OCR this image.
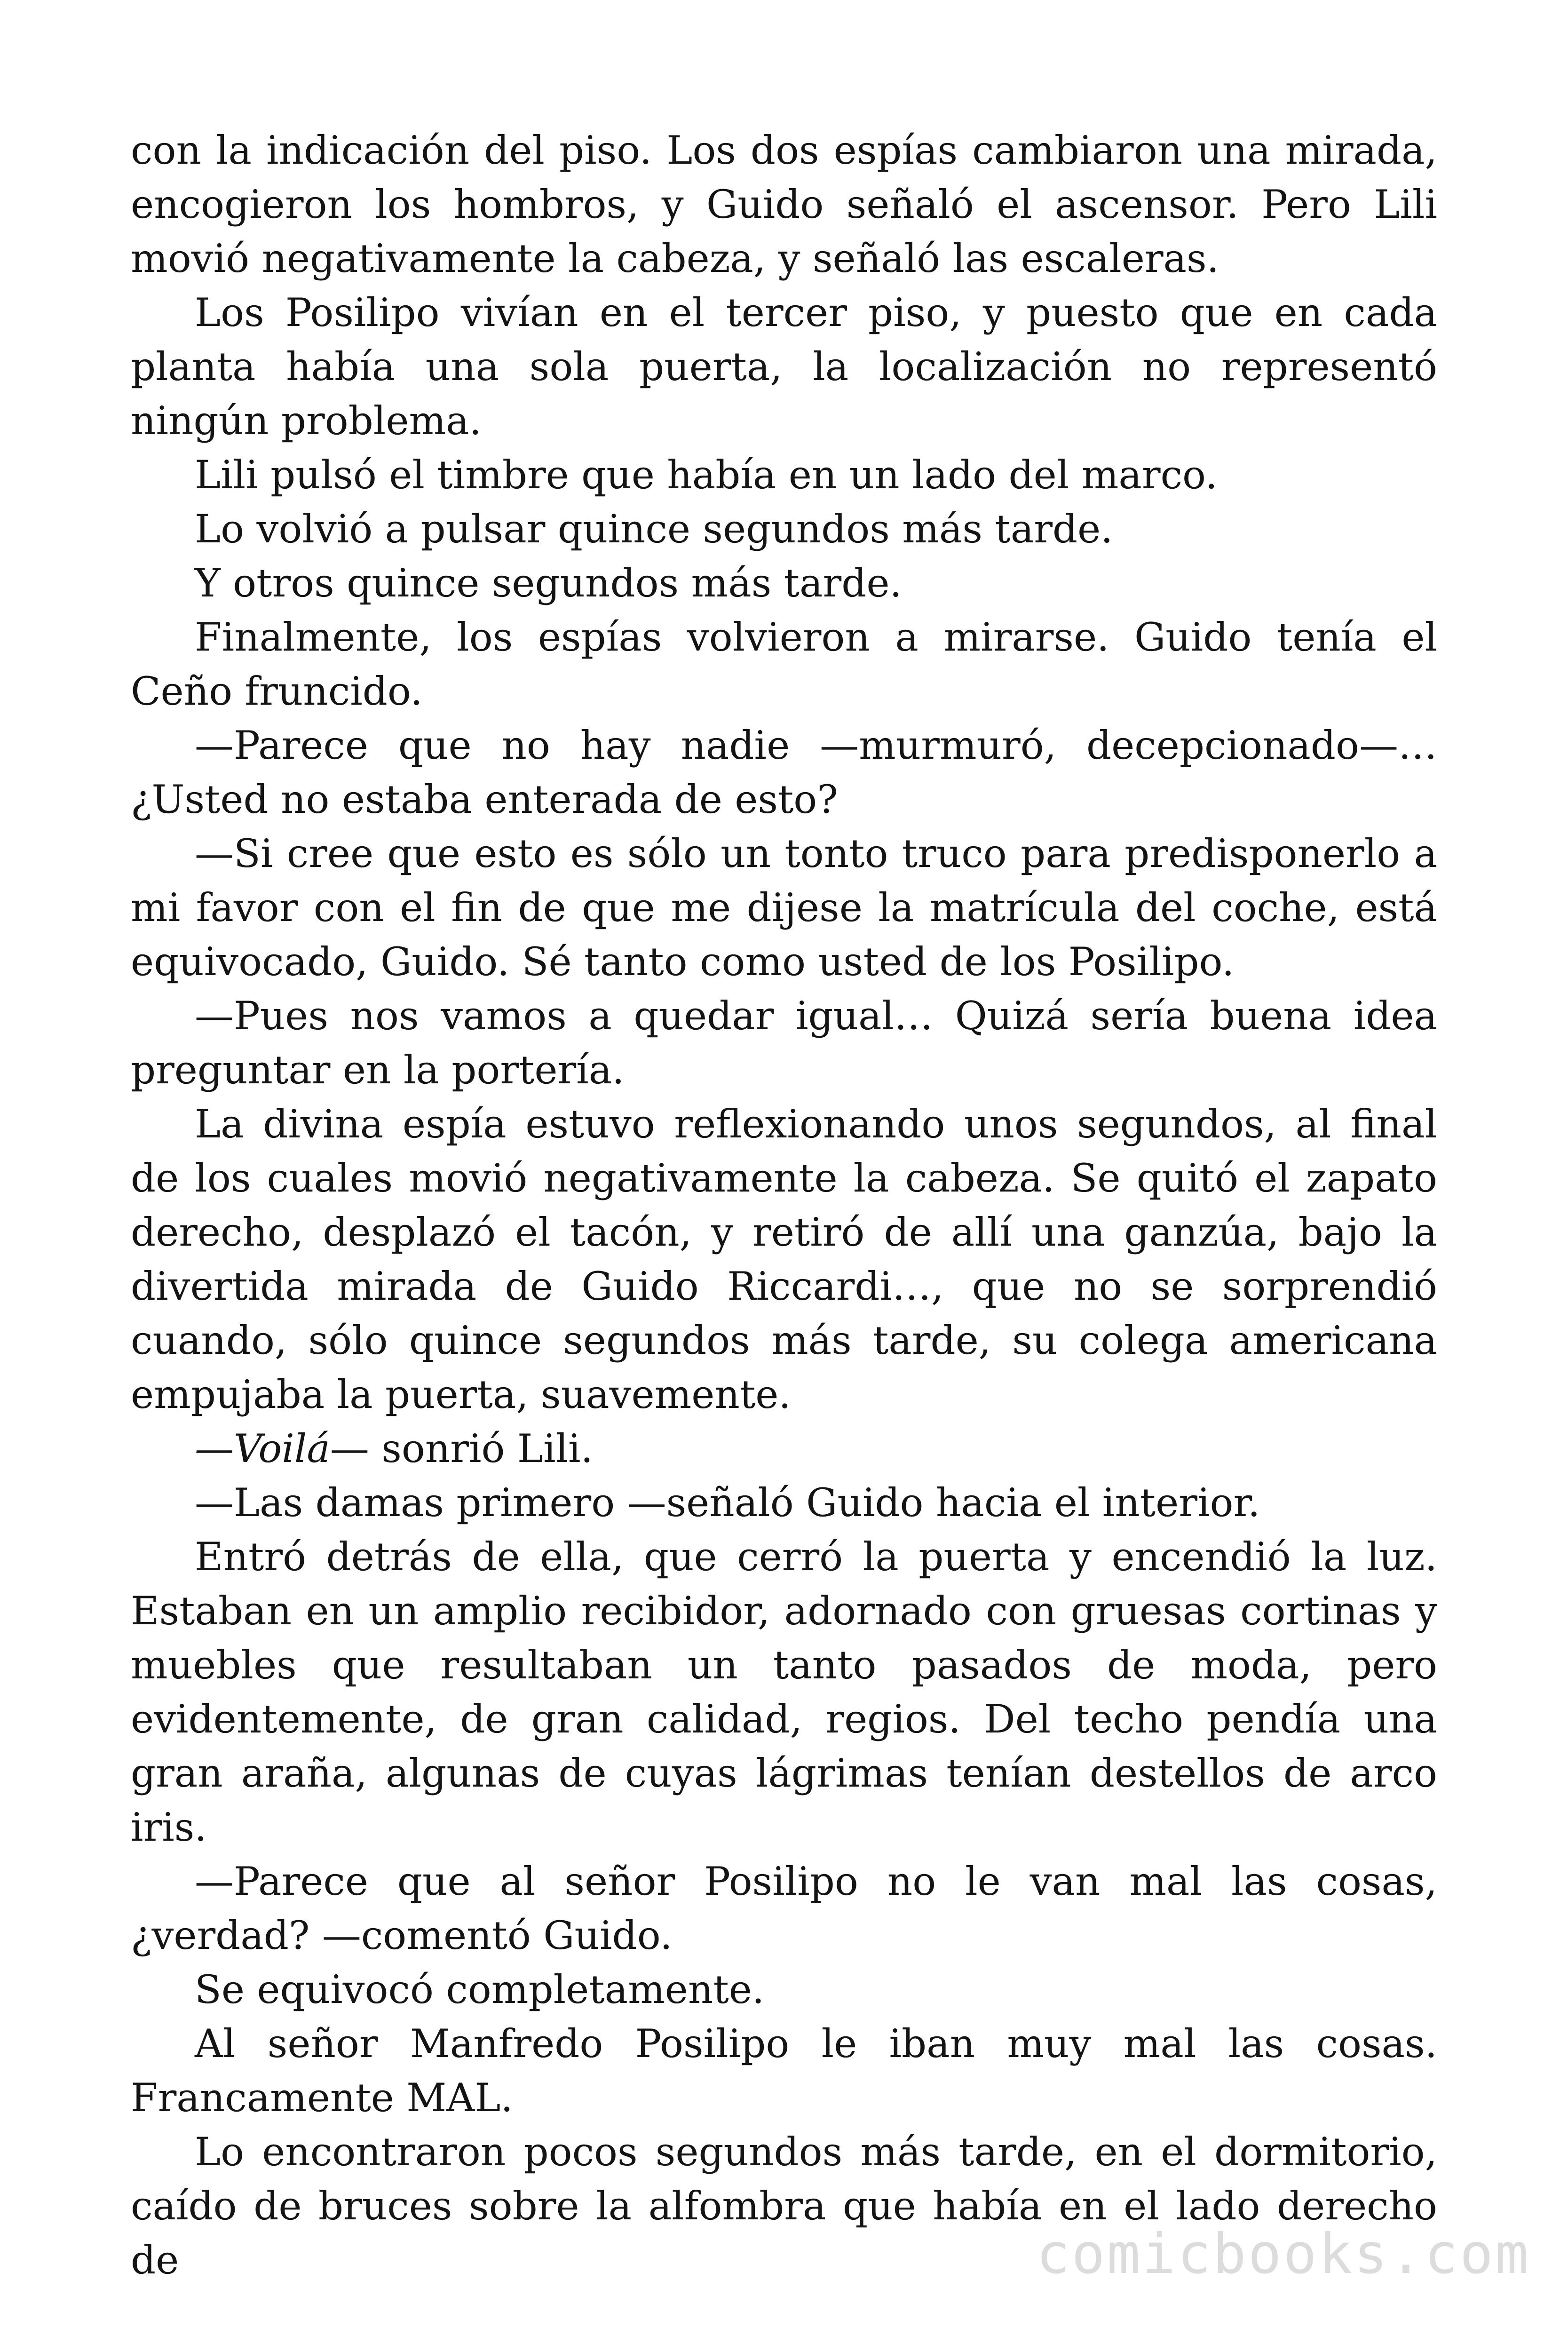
con la indicación del piso. Los dos espías cambiaron una mirada, encogieron los hombros, y Guido señaló el ascensor. Pero Lili movió negativamente la cabeza, y señaló las escaleras.

Los Posilipo vivían en el tercer piso, y puesto que en cada planta había una sola puerta, la localización no representó ningún problema.

Lili pulsó el timbre que había en un lado del marco.

Lo volvió a pulsar quince segundos más tarde.

Y otros quince segundos más tarde.

Finalmente, los espías volvieron a mirarse. Guido tenía el Ceño fruncido.

—Parece que no hay nadie —murmuró, decepcionado—… ¿Usted no estaba enterada de esto?

—Si cree que esto es sólo un tonto truco para predisponerlo a mi favor con el fin de que me dijese la matrícula del coche, está equivocado, Guido. Sé tanto como usted de los Posilipo.

—Pues nos vamos a quedar igual… Quizá sería buena idea preguntar en la portería.

La divina espía estuvo reflexionando unos segundos, al final de los cuales movió negativamente la cabeza. Se quitó el zapato derecho, desplazó el tacón, y retiró de allí una ganzúa, bajo la divertida mirada de Guido Riccardi…, que no se sorprendió cuando, sólo quince segundos más tarde, su colega americana empujaba la puerta, suavemente.

—Voilá— sonrió Lili.

—Las damas primero —señaló Guido hacia el interior.

Entró detrás de ella, que cerró la puerta y encendió la luz. Estaban en un amplio recibidor, adornado con gruesas cortinas y muebles que resultaban un tanto pasados de moda, pero evidentemente, de gran calidad, regios. Del techo pendía una gran araña, algunas de cuyas lágrimas tenían destellos de arco iris.

—Parece que al señor Posilipo no le van mal las cosas, ¿verdad? —comentó Guido.

Se equivocó completamente.

Al señor Manfredo Posilipo le iban muy mal las cosas. Francamente MAL.

Lo encontraron pocos segundos más tarde, en el dormitorio, caído de bruces sobre la alfombra que había en el lado derecho de	comicbooks.com
